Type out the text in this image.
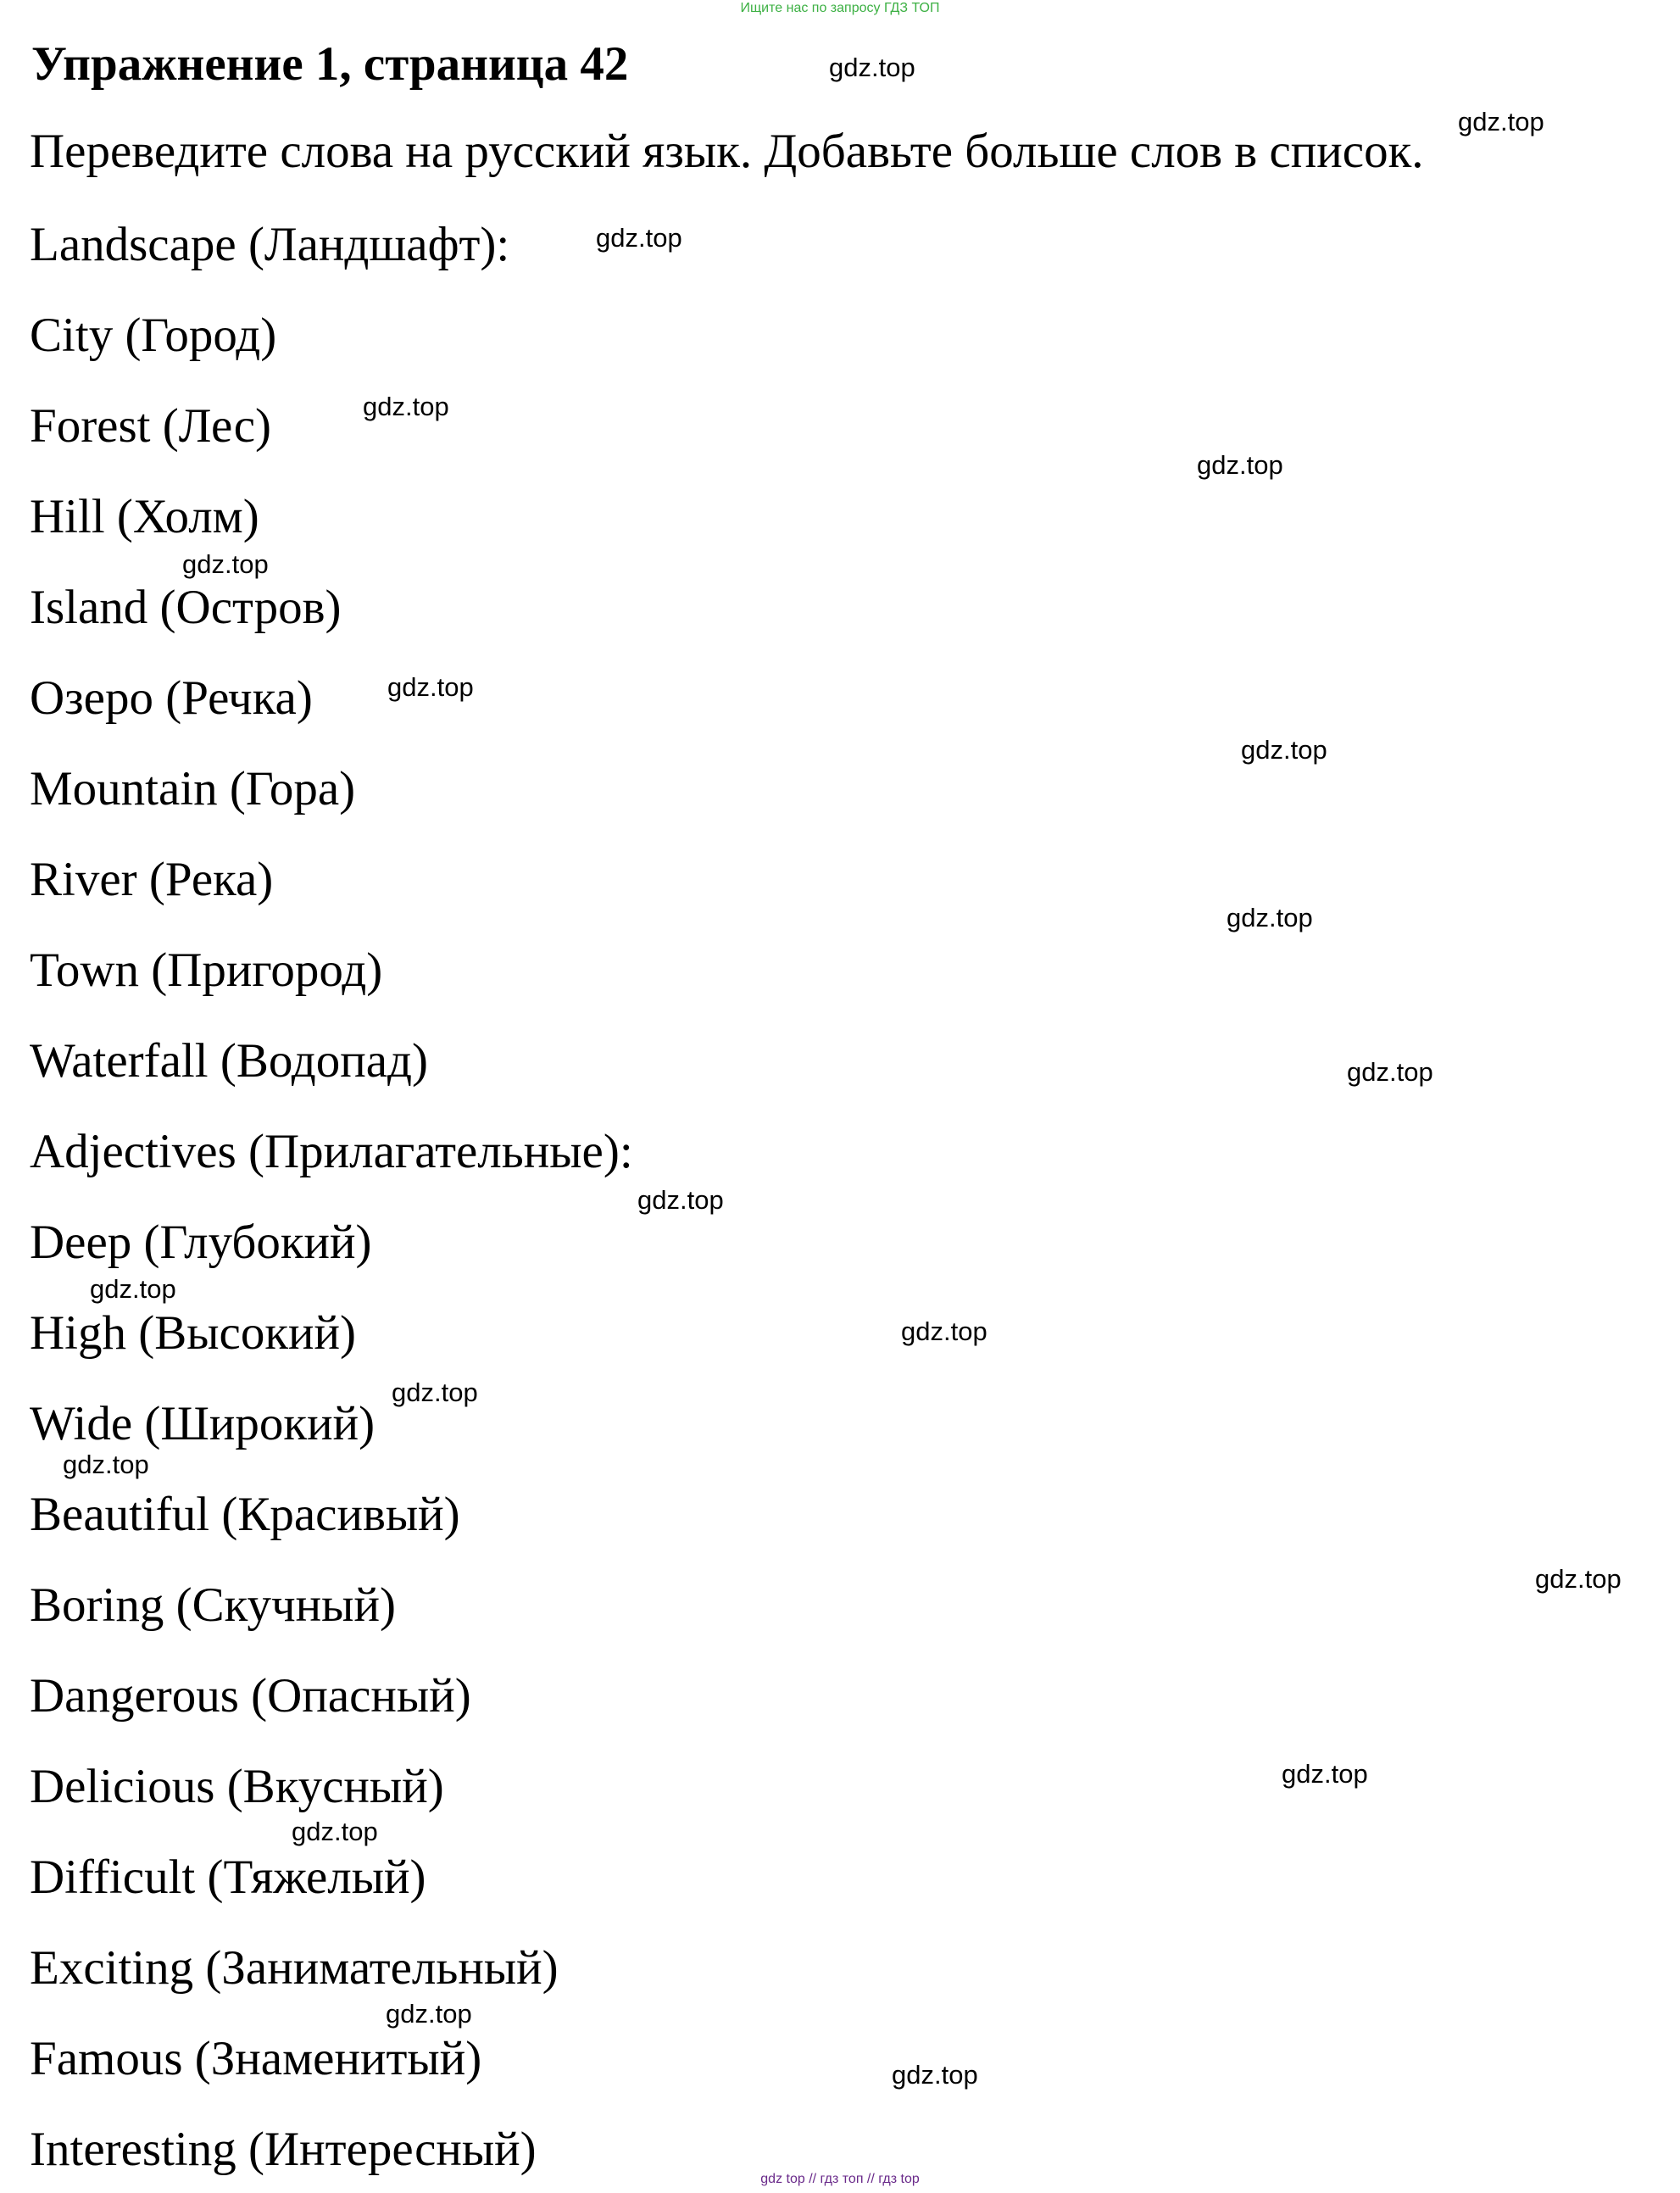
Ищите нас по запросу ГДЗ ТОП
Упражнение 1, страница 42
Переведите слова на русский язык. Добавьте больше слов в список.
Landscape (Ландшафт):
City (Город)
Forest (Лес)
Hill (Холм)
Island (Остров)
Озеро (Речка)
Mountain (Гора)
River (Река)
Town (Пригород)
Waterfall (Водопад)
Adjectives (Прилагательные):
Deep (Глубокий)
High (Высокий)
Wide (Широкий)
Beautiful (Красивый)
Boring (Скучный)
Dangerous (Опасный)
Delicious (Вкусный)
Difficult (Тяжелый)
Exciting (Занимательный)
Famous (Знаменитый)
Interesting (Интересный)
gdz.top
gdz.top
gdz.top
gdz.top
gdz.top
gdz.top
gdz.top
gdz.top
gdz.top
gdz.top
gdz.top
gdz.top
gdz.top
gdz.top
gdz.top
gdz.top
gdz.top
gdz.top
gdz.top
gdz.top
gdz top // гдз топ // гдз top
